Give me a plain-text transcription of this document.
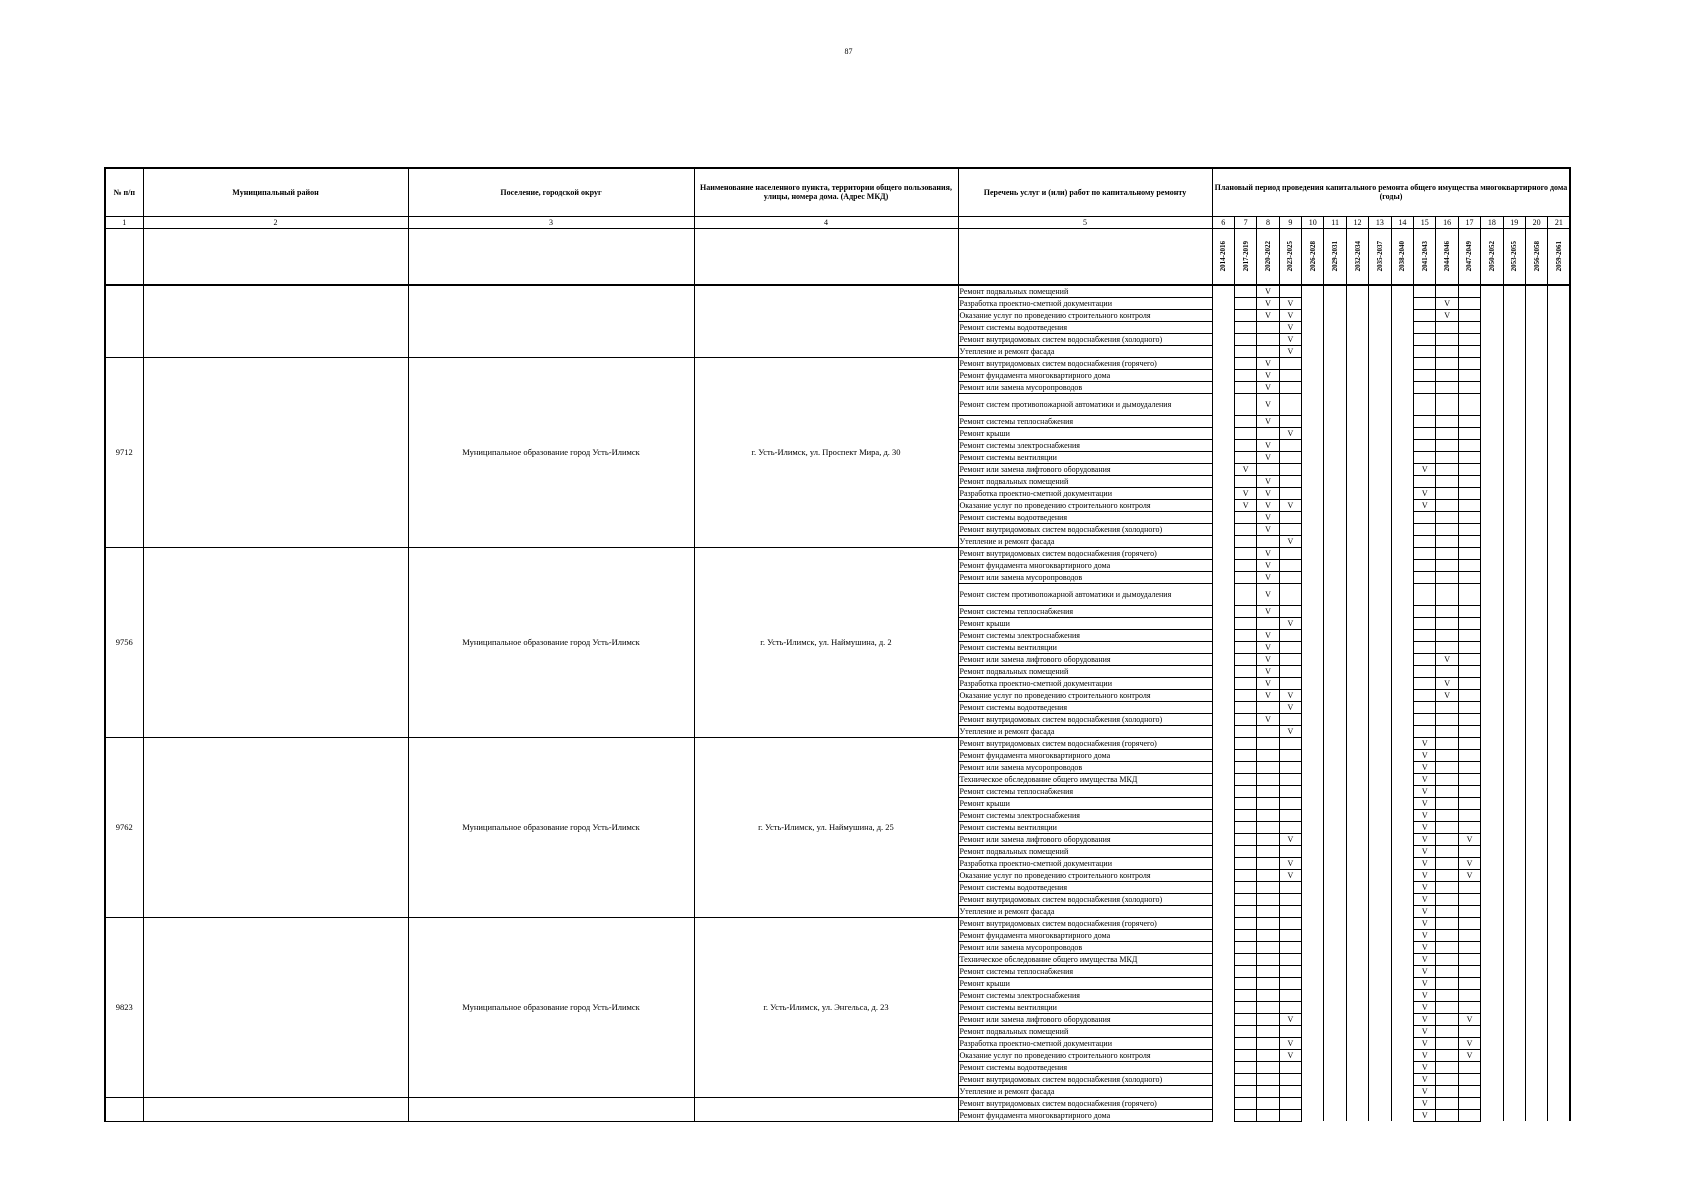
87
№ п/п	Муниципальный район	Поселение, городской округ	Наименование населенного пункта, территории общего пользования, улицы, номера дома. (Адрес МКД)	Перечень услуг и (или) работ по капитальному ремонту	Плановый период проведения капитального ремонта общего имущества многоквартирного дома (годы)															
1	2	3	4	5	6	7	8	9	10	11	12	13	14	15	16	17	18	19	20	21

					2014-2016	2017-2019	2020-2022	2023-2025	2026-2028	2029-2031	2032-2034	2035-2037	2038-2040	2041-2043	2044-2046	2047-2049	2050-2052	2053-2055	2056-2058	2059-2061

				Ремонт подвальных помещений			V													
				Разработка проектно-сметной документации			V	V							V					
				Оказание услуг по проведению строительного контроля			V	V							V					
				Ремонт системы водоотведения				V												
				Ремонт внутридомовых систем водоснабжения (холодного)				V												
				Утепление и ремонт фасада				V												
9712		Муниципальное образование город Усть-Илимск	г. Усть-Илимск, ул. Проспект Мира, д. 30	Ремонт внутридомовых систем водоснабжения (горячего)			V													
				Ремонт фундамента многоквартирного дома			V													
				Ремонт или замена мусоропроводов			V													
				Ремонт систем противопожарной автоматики и дымоудаления			V													
				Ремонт системы теплоснабжения			V													
				Ремонт крыши				V												
				Ремонт системы электроснабжения			V													
				Ремонт системы вентиляции			V													
				Ремонт или замена лифтового оборудования		V								V						
				Ремонт подвальных помещений			V													
				Разработка проектно-сметной документации		V	V							V						
				Оказание услуг по проведению строительного контроля		V	V	V						V						
				Ремонт системы водоотведения			V													
				Ремонт внутридомовых систем водоснабжения (холодного)			V													
				Утепление и ремонт фасада				V												
9756		Муниципальное образование город Усть-Илимск	г. Усть-Илимск, ул. Наймушина, д. 2	Ремонт внутридомовых систем водоснабжения (горячего)			V													
				Ремонт фундамента многоквартирного дома			V													
				Ремонт или замена мусоропроводов			V													
				Ремонт систем противопожарной автоматики и дымоудаления			V													
				Ремонт системы теплоснабжения			V													
				Ремонт крыши				V												
				Ремонт системы электроснабжения			V													
				Ремонт системы вентиляции			V													
				Ремонт или замена лифтового оборудования			V								V					
				Ремонт подвальных помещений			V													
				Разработка проектно-сметной документации			V								V					
				Оказание услуг по проведению строительного контроля			V	V							V					
				Ремонт системы водоотведения				V												
				Ремонт внутридомовых систем водоснабжения (холодного)			V													
				Утепление и ремонт фасада				V												
9762		Муниципальное образование город Усть-Илимск	г. Усть-Илимск, ул. Наймушина, д. 25	Ремонт внутридомовых систем водоснабжения (горячего)										V						
				Ремонт фундамента многоквартирного дома										V						
				Ремонт или замена мусоропроводов										V						
				Техническое обследование общего имущества МКД										V						
				Ремонт системы теплоснабжения										V						
				Ремонт крыши										V						
				Ремонт системы электроснабжения										V						
				Ремонт системы вентиляции										V						
				Ремонт или замена лифтового оборудования				V						V		V				
				Ремонт подвальных помещений										V						
				Разработка проектно-сметной документации				V						V		V				
				Оказание услуг по проведению строительного контроля				V						V		V				
				Ремонт системы водоотведения										V						
				Ремонт внутридомовых систем водоснабжения (холодного)										V						
				Утепление и ремонт фасада										V						
9823		Муниципальное образование город Усть-Илимск	г. Усть-Илимск, ул. Энгельса, д. 23	Ремонт внутридомовых систем водоснабжения (горячего)										V						
				Ремонт фундамента многоквартирного дома										V						
				Ремонт или замена мусоропроводов										V						
				Техническое обследование общего имущества МКД										V						
				Ремонт системы теплоснабжения										V						
				Ремонт крыши										V						
				Ремонт системы электроснабжения										V						
				Ремонт системы вентиляции										V						
				Ремонт или замена лифтового оборудования				V						V		V				
				Ремонт подвальных помещений										V						
				Разработка проектно-сметной документации				V						V		V				
				Оказание услуг по проведению строительного контроля				V						V		V				
				Ремонт системы водоотведения										V						
				Ремонт внутридомовых систем водоснабжения (холодного)										V						
				Утепление и ремонт фасада										V						
				Ремонт внутридомовых систем водоснабжения (горячего)										V						
				Ремонт фундамента многоквартирного дома										V						
